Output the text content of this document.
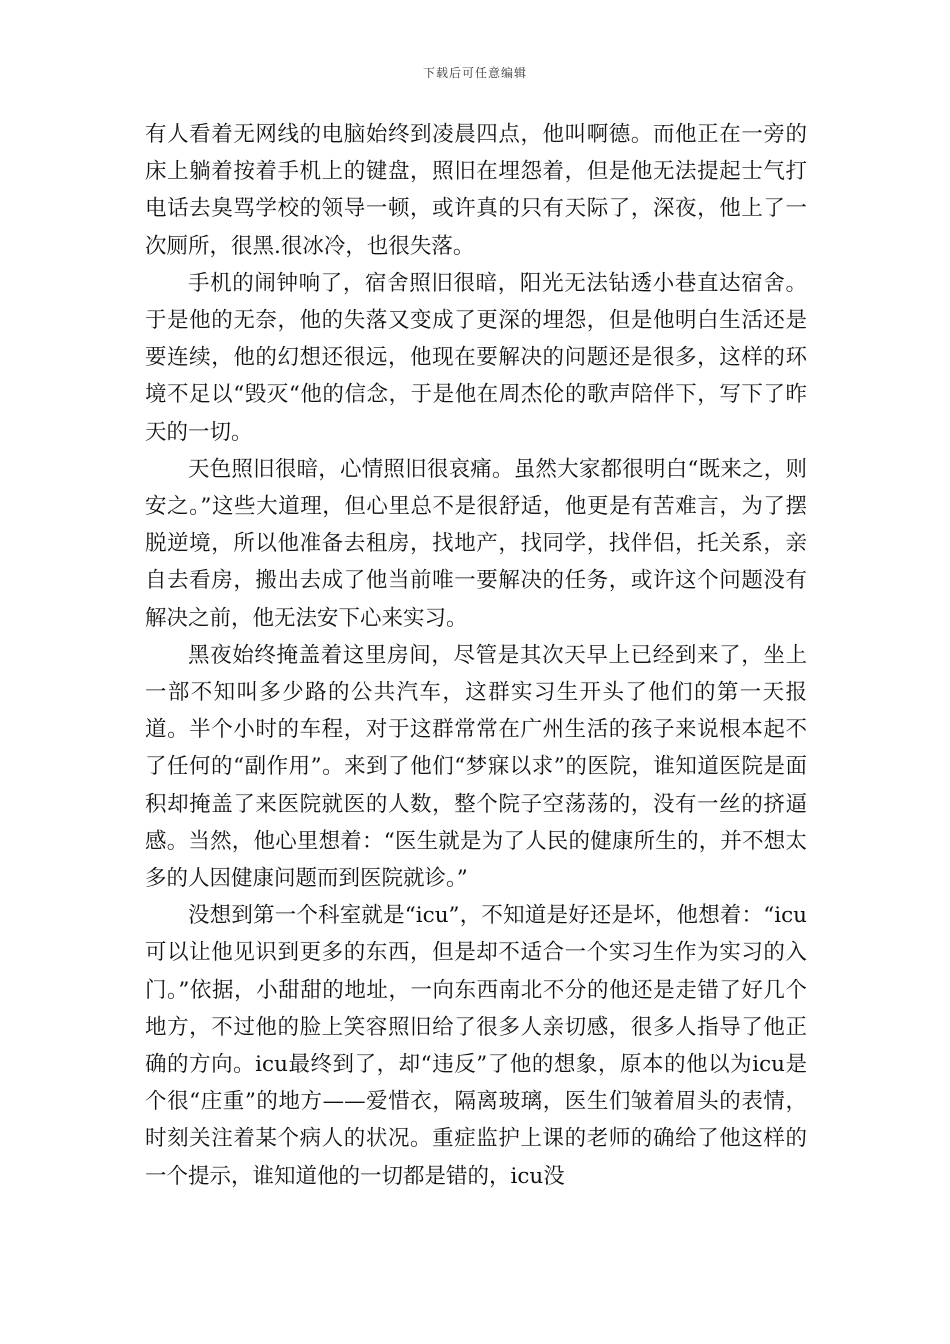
下载后可任意编辑

有人看着无网线的电脑始终到凌晨四点，他叫啊德。而他正在一旁的床上躺着按着手机上的键盘，照旧在埋怨着，但是他无法提起士气打电话去臭骂学校的领导一顿，或许真的只有天际了，深夜，他上了一次厕所，很黑.很冰冷，也很失落。

手机的闹钟响了，宿舍照旧很暗，阳光无法钻透小巷直达宿舍。于是他的无奈，他的失落又变成了更深的埋怨，但是他明白生活还是要连续，他的幻想还很远，他现在要解决的问题还是很多，这样的环境不足以“毁灭“他的信念，于是他在周杰伦的歌声陪伴下，写下了昨天的一切。

天色照旧很暗，心情照旧很哀痛。虽然大家都很明白“既来之，则安之。”这些大道理，但心里总不是很舒适，他更是有苦难言，为了摆脱逆境，所以他准备去租房，找地产，找同学，找伴侣，托关系，亲自去看房，搬出去成了他当前唯一要解决的任务，或许这个问题没有解决之前，他无法安下心来实习。

黑夜始终掩盖着这里房间，尽管是其次天早上已经到来了，坐上一部不知叫多少路的公共汽车，这群实习生开头了他们的第一天报道。半个小时的车程，对于这群常常在广州生活的孩子来说根本起不了任何的“副作用”。来到了他们“梦寐以求”的医院，谁知道医院是面积却掩盖了来医院就医的人数，整个院子空荡荡的，没有一丝的挤逼感。当然，他心里想着：“医生就是为了人民的健康所生的，并不想太多的人因健康问题而到医院就诊。”

没想到第一个科室就是“icu”，不知道是好还是坏，他想着：“icu可以让他见识到更多的东西，但是却不适合一个实习生作为实习的入门。”依据，小甜甜的地址，一向东西南北不分的他还是走错了好几个地方，不过他的脸上笑容照旧给了很多人亲切感，很多人指导了他正确的方向。icu最终到了，却“违反”了他的想象，原本的他以为icu是个很“庄重”的地方——爱惜衣，隔离玻璃，医生们皱着眉头的表情，时刻关注着某个病人的状况。重症监护上课的老师的确给了他这样的一个提示，谁知道他的一切都是错的，icu没
